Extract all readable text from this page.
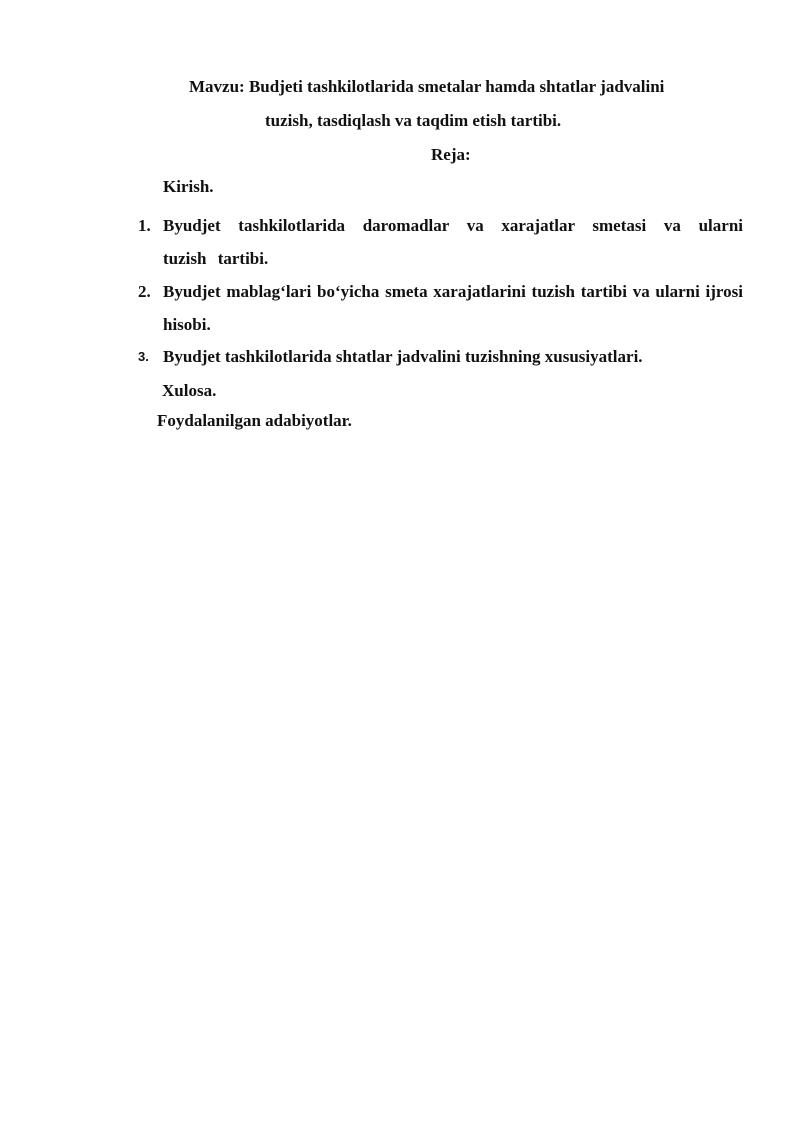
Mavzu: Budjeti tashkilotlarida smetalar hamda shtatlar jadvalini
tuzish, tasdiqlash va taqdim etish tartibi.
Reja:
Kirish.
1. Byudjet tashkilotlarida daromadlar va xarajatlar smetasi va ularni tuzish tartibi.
2. Byudjet mablag‘lari bo‘yicha smeta xarajatlarini tuzish tartibi va ularni ijrosi hisobi.
3. Byudjet tashkilotlarida shtatlar jadvalini tuzishning xususiyatlari.
Xulosa.
Foydalanilgan adabiyotlar.
